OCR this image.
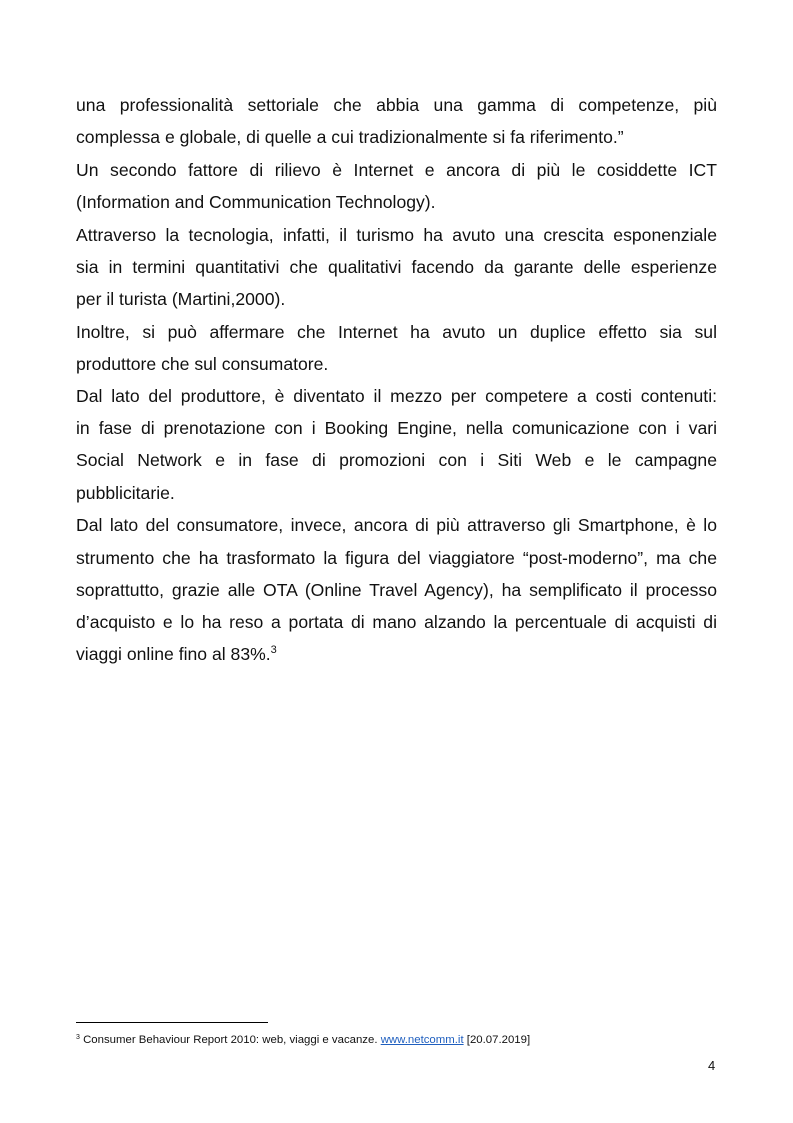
una professionalità settoriale che abbia una gamma di competenze, più
complessa e globale, di quelle a cui tradizionalmente si fa riferimento.”
Un secondo fattore di rilievo è Internet e ancora di più le cosiddette ICT
(Information and Communication Technology).
Attraverso la tecnologia, infatti, il turismo ha avuto una crescita esponenziale
sia in termini quantitativi che qualitativi facendo da garante delle esperienze
per il turista (Martini,2000).
Inoltre, si può affermare che Internet ha avuto un duplice effetto sia sul
produttore che sul consumatore.
Dal lato del produttore, è diventato il mezzo per competere a costi contenuti:
in fase di prenotazione con i Booking Engine, nella comunicazione con i vari
Social Network e in fase di promozioni con i Siti Web e le campagne
pubblicitarie.
Dal lato del consumatore, invece, ancora di più attraverso gli Smartphone, è lo
strumento che ha trasformato la figura del viaggiatore “post-moderno”, ma che
soprattutto, grazie alle OTA (Online Travel Agency), ha semplificato il processo
d’acquisto e lo ha reso a portata di mano alzando la percentuale di acquisti di
viaggi online fino al 83%.$^3$
$^3$ Consumer Behaviour Report 2010: web, viaggi e vacanze. www.netcomm.it [20.07.2019]
4
